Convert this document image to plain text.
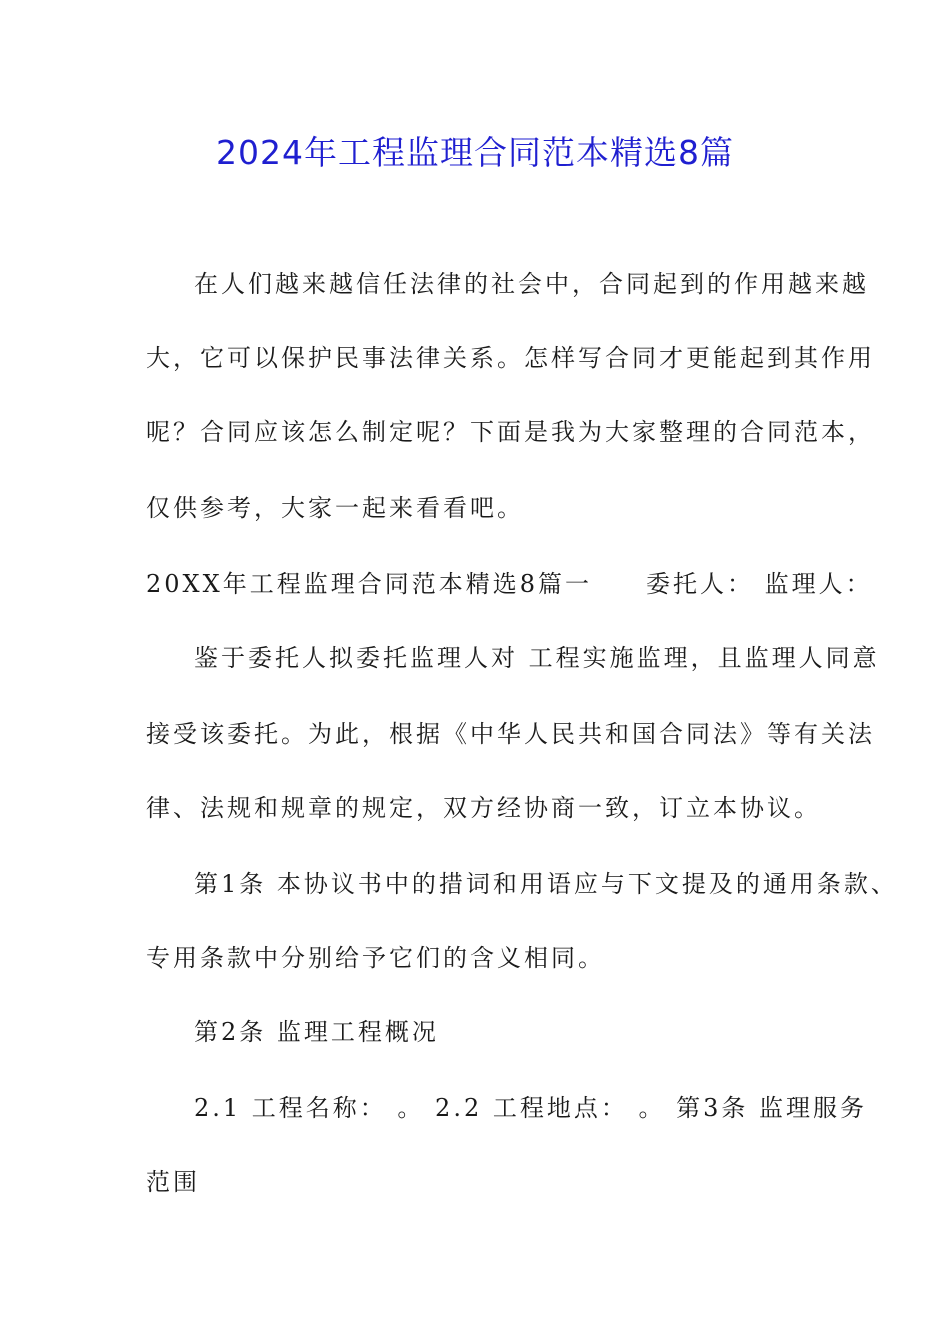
2024年工程监理合同范本精选8篇

在人们越来越信任法律的社会中，合同起到的作用越来越

大，它可以保护民事法律关系。怎样写合同才更能起到其作用

呢？合同应该怎么制定呢？下面是我为大家整理的合同范本，

仅供参考，大家一起来看看吧。

20XX年工程监理合同范本精选8篇一　　委托人： 监理人：

鉴于委托人拟委托监理人对 工程实施监理，且监理人同意

接受该委托。为此，根据《中华人民共和国合同法》等有关法

律、法规和规章的规定，双方经协商一致，订立本协议。

第1条 本协议书中的措词和用语应与下文提及的通用条款、

专用条款中分别给予它们的含义相同。

第2条 监理工程概况

2.1 工程名称： 。 2.2 工程地点： 。 第3条 监理服务

范围
